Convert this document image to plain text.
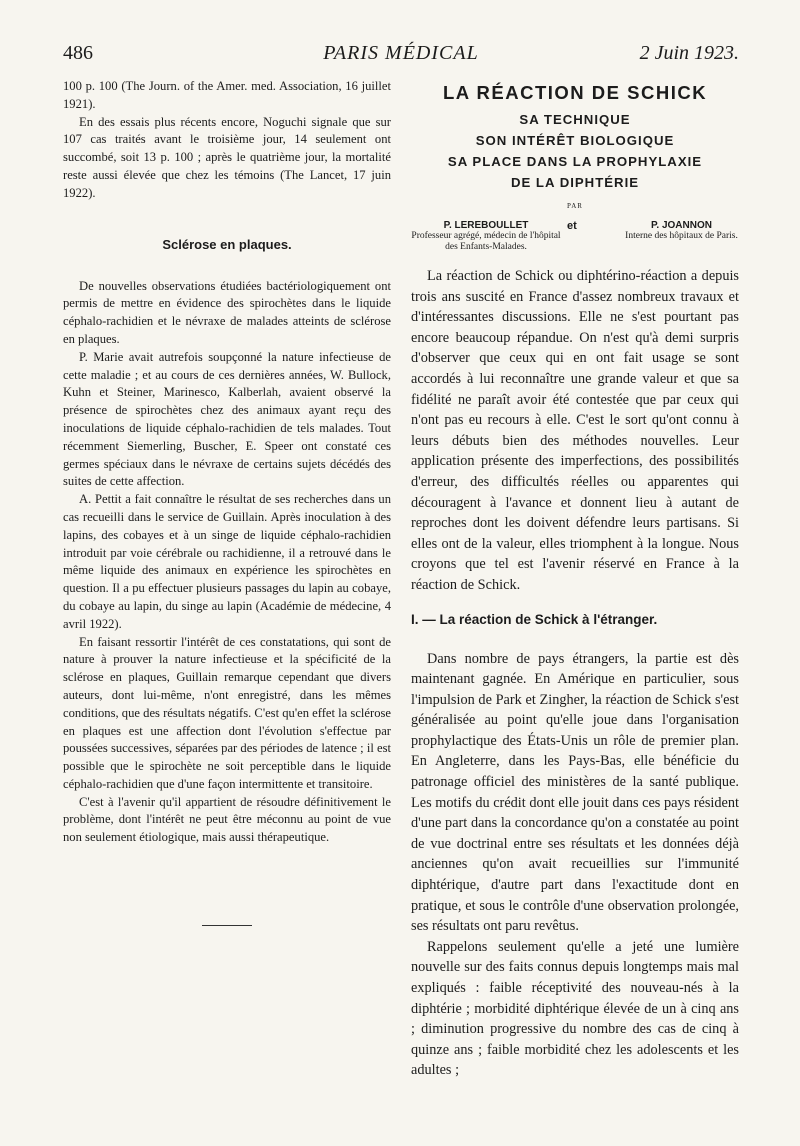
486	PARIS MÉDICAL	2 Juin 1923.

100 p. 100 (The Journ. of the Amer. med. Association, 16 juillet 1921).

En des essais plus récents encore, Noguchi signale que sur 107 cas traités avant le troisième jour, 14 seulement ont succombé, soit 13 p. 100 ; après le quatrième jour, la mortalité reste aussi élevée que chez les témoins (The Lancet, 17 juin 1922).

Sclérose en plaques.

De nouvelles observations étudiées bactériologiquement ont permis de mettre en évidence des spirochètes dans le liquide céphalo-rachidien et le névraxe de malades atteints de sclérose en plaques.

P. Marie avait autrefois soupçonné la nature infectieuse de cette maladie ; et au cours de ces dernières années, W. Bullock, Kuhn et Steiner, Marinesco, Kalberlah, avaient observé la présence de spirochètes chez des animaux ayant reçu des inoculations de liquide céphalo-rachidien de tels malades. Tout récemment Siemerling, Buscher, E. Speer ont constaté ces germes spéciaux dans le névraxe de certains sujets décédés des suites de cette affection.

A. Pettit a fait connaître le résultat de ses recherches dans un cas recueilli dans le service de Guillain. Après inoculation à des lapins, des cobayes et à un singe de liquide céphalo-rachidien introduit par voie cérébrale ou rachidienne, il a retrouvé dans le même liquide des animaux en expérience les spirochètes en question. Il a pu effectuer plusieurs passages du lapin au cobaye, du cobaye au lapin, du singe au lapin (Académie de médecine, 4 avril 1922).

En faisant ressortir l'intérêt de ces constatations, qui sont de nature à prouver la nature infectieuse et la spécificité de la sclérose en plaques, Guillain remarque cependant que divers auteurs, dont lui-même, n'ont enregistré, dans les mêmes conditions, que des résultats négatifs. C'est qu'en effet la sclérose en plaques est une affection dont l'évolution s'effectue par poussées successives, séparées par des périodes de latence ; il est possible que le spirochète ne soit perceptible dans le liquide céphalo-rachidien que d'une façon intermittente et transitoire.

C'est à l'avenir qu'il appartient de résoudre définitivement le problème, dont l'intérêt ne peut être méconnu au point de vue non seulement étiologique, mais aussi thérapeutique.

LA RÉACTION DE SCHICK
SA TECHNIQUE
SON INTÉRÊT BIOLOGIQUE
SA PLACE DANS LA PROPHYLAXIE
DE LA DIPHTÉRIE
PAR
P. LEREBOULLET
Professeur agrégé, médecin de l'hôpital des Enfants-Malades.
et	P. JOANNON
Interne des hôpitaux de Paris.

La réaction de Schick ou diphtérino-réaction a depuis trois ans suscité en France d'assez nombreux travaux et d'intéressantes discussions. Elle ne s'est pourtant pas encore beaucoup répandue. On n'est qu'à demi surpris d'observer que ceux qui en ont fait usage se sont accordés à lui reconnaître une grande valeur et que sa fidélité ne paraît avoir été contestée que par ceux qui n'ont pas eu recours à elle. C'est le sort qu'ont connu à leurs débuts bien des méthodes nouvelles. Leur application présente des imperfections, des possibilités d'erreur, des difficultés réelles ou apparentes qui découragent à l'avance et donnent lieu à autant de reproches dont les doivent défendre leurs partisans. Si elles ont de la valeur, elles triomphent à la longue. Nous croyons que tel est l'avenir réservé en France à la réaction de Schick.

I. — La réaction de Schick à l'étranger.

Dans nombre de pays étrangers, la partie est dès maintenant gagnée. En Amérique en particulier, sous l'impulsion de Park et Zingher, la réaction de Schick s'est généralisée au point qu'elle joue dans l'organisation prophylactique des États-Unis un rôle de premier plan. En Angleterre, dans les Pays-Bas, elle bénéficie du patronage officiel des ministères de la santé publique. Les motifs du crédit dont elle jouit dans ces pays résident d'une part dans la concordance qu'on a constatée au point de vue doctrinal entre ses résultats et les données déjà anciennes qu'on avait recueillies sur l'immunité diphtérique, d'autre part dans l'exactitude dont en pratique, et sous le contrôle d'une observation prolongée, ses résultats ont paru revêtus.

Rappelons seulement qu'elle a jeté une lumière nouvelle sur des faits connus depuis longtemps mais mal expliqués : faible réceptivité des nouveau-nés à la diphtérie ; morbidité diphtérique élevée de un à cinq ans ; diminution progressive du nombre des cas de cinq à quinze ans ; faible morbidité chez les adolescents et les adultes ;
